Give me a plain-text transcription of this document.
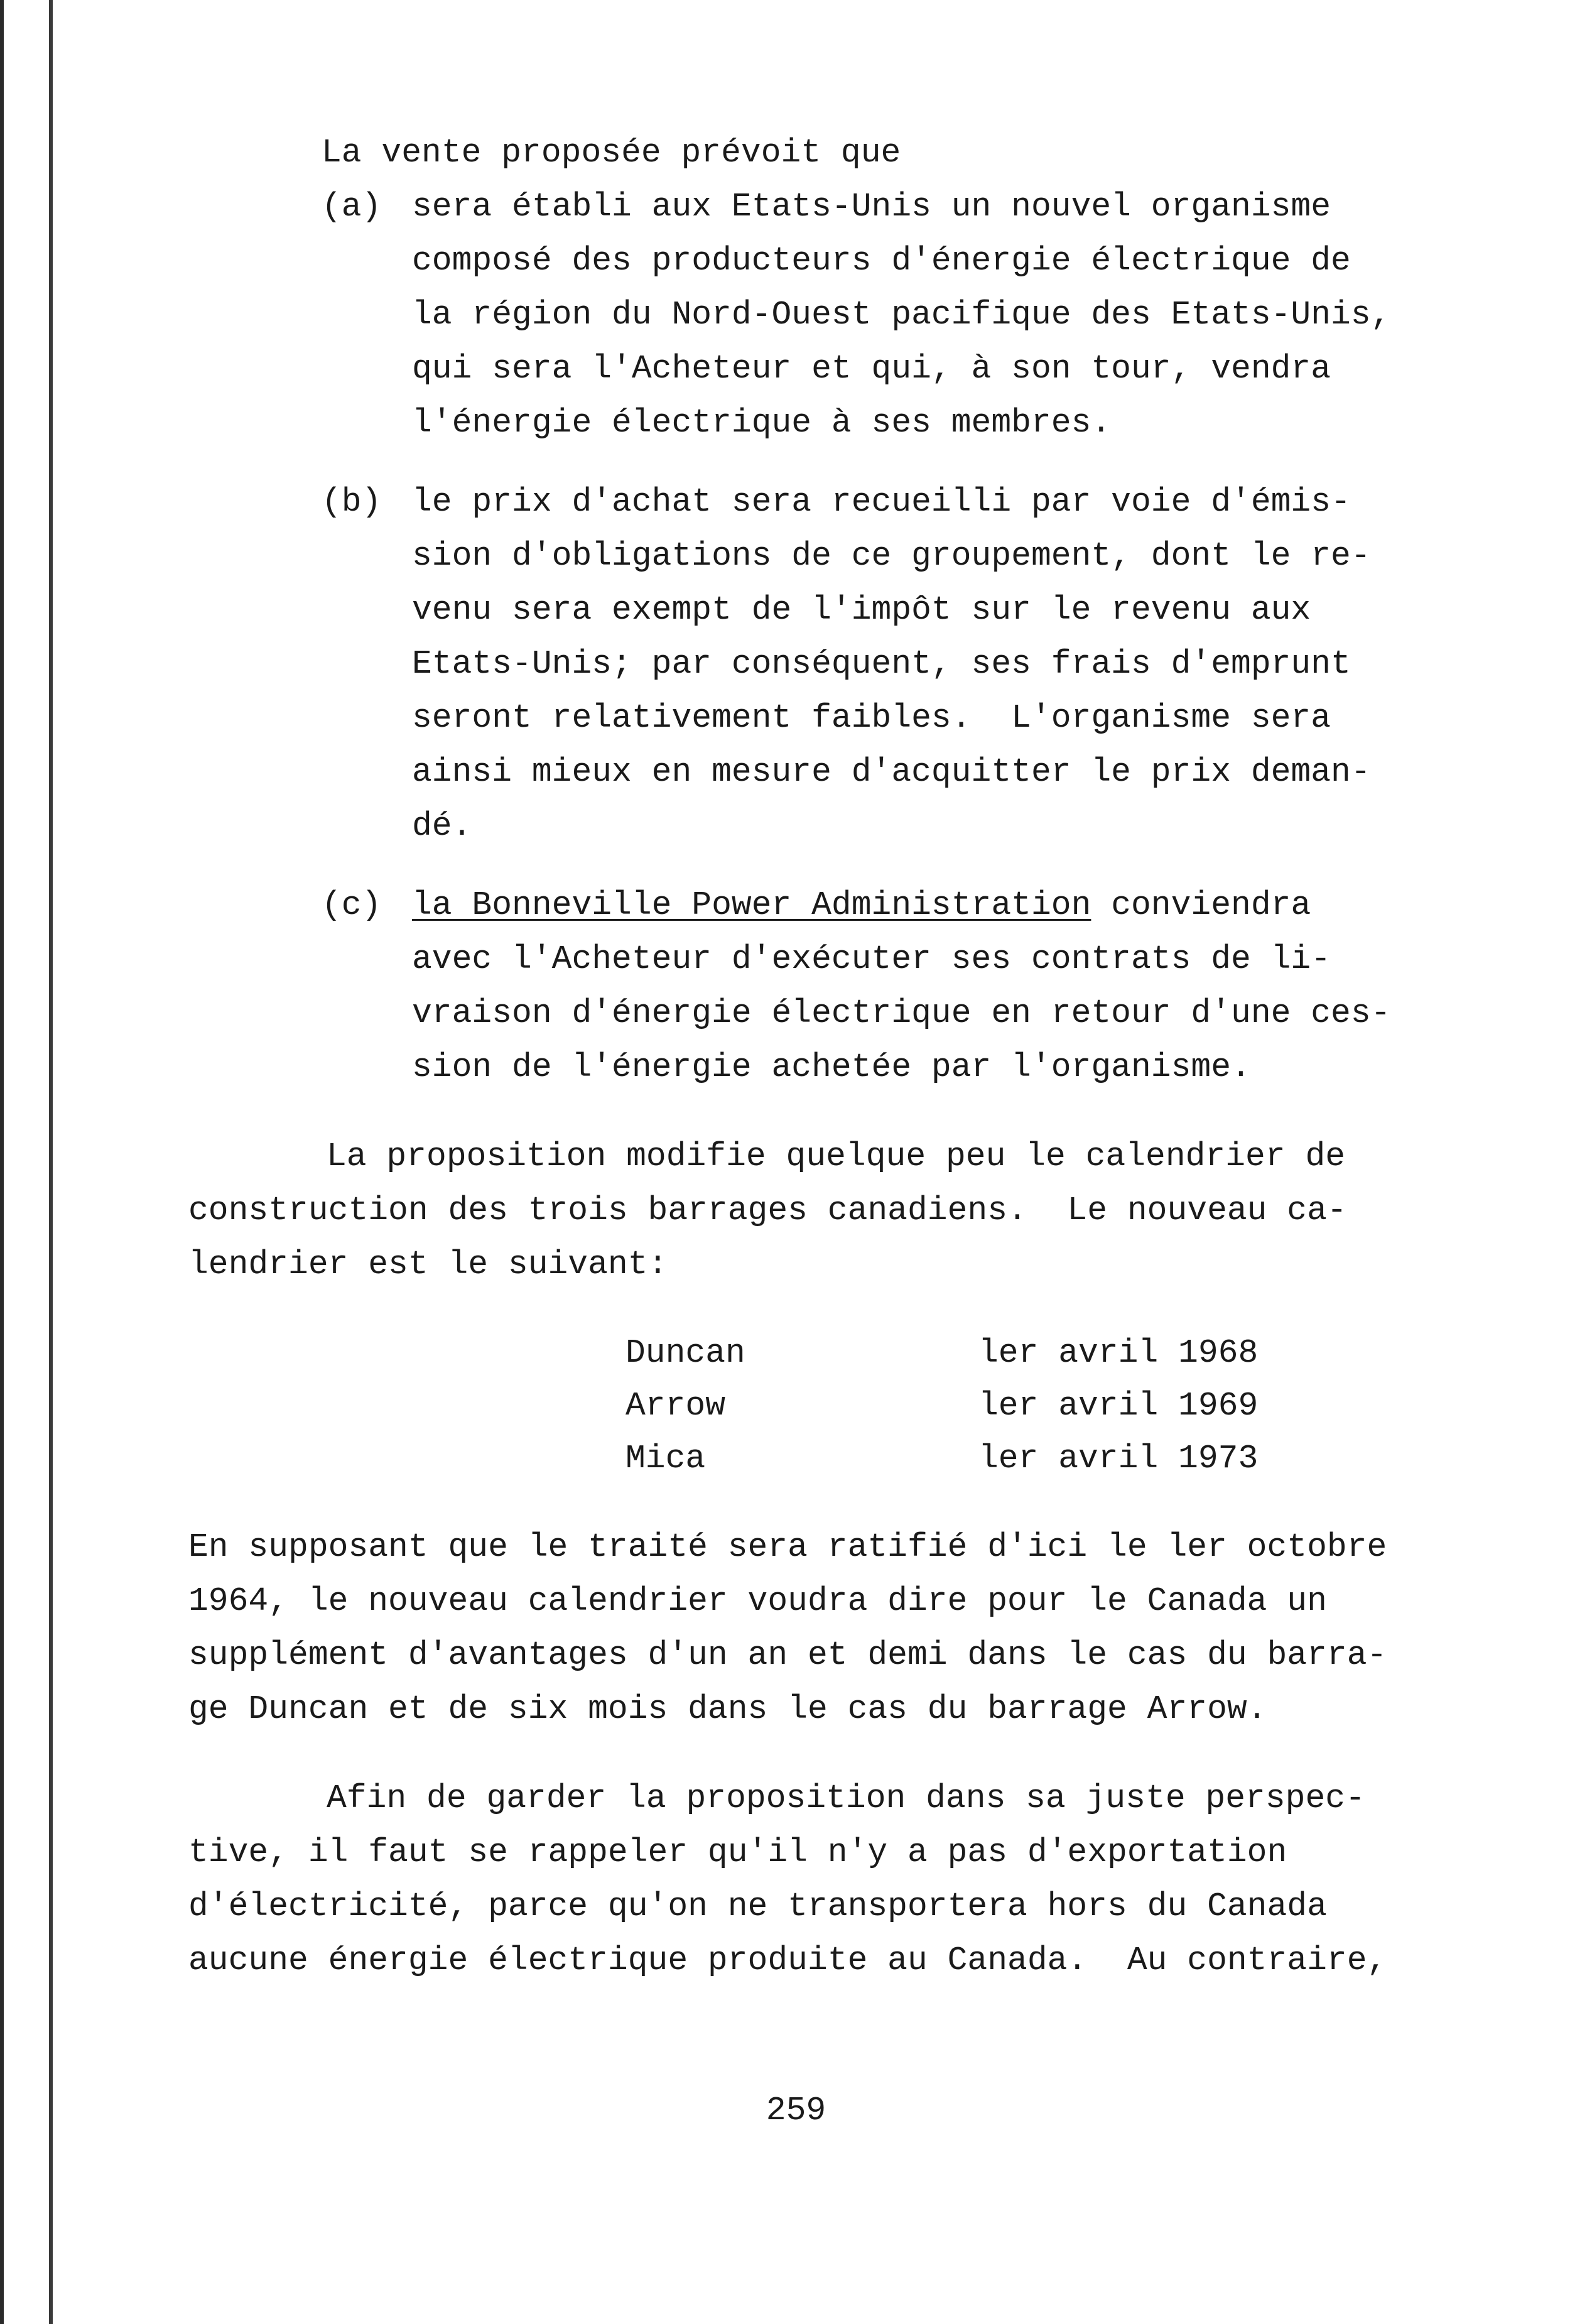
La vente proposée prévoit que
(a) sera établi aux Etats-Unis un nouvel organisme
composé des producteurs d'énergie électrique de
la région du Nord-Ouest pacifique des Etats-Unis,
qui sera l'Acheteur et qui, à son tour, vendra
l'énergie électrique à ses membres.
(b) le prix d'achat sera recueilli par voie d'émis-
sion d'obligations de ce groupement, dont le re-
venu sera exempt de l'impôt sur le revenu aux
Etats-Unis; par conséquent, ses frais d'emprunt
seront relativement faibles.  L'organisme sera
ainsi mieux en mesure d'acquitter le prix deman-
dé.
(c) la Bonneville Power Administration conviendra
avec l'Acheteur d'exécuter ses contrats de li-
vraison d'énergie électrique en retour d'une ces-
sion de l'énergie achetée par l'organisme.
La proposition modifie quelque peu le calendrier de
construction des trois barrages canadiens.  Le nouveau ca-
lendrier est le suivant:
Duncan	ler avril 1968
Arrow	ler avril 1969
Mica	ler avril 1973
En supposant que le traité sera ratifié d'ici le ler octobre
1964, le nouveau calendrier voudra dire pour le Canada un
supplément d'avantages d'un an et demi dans le cas du barra-
ge Duncan et de six mois dans le cas du barrage Arrow.
Afin de garder la proposition dans sa juste perspec-
tive, il faut se rappeler qu'il n'y a pas d'exportation
d'électricité, parce qu'on ne transportera hors du Canada
aucune énergie électrique produite au Canada.  Au contraire,
259
